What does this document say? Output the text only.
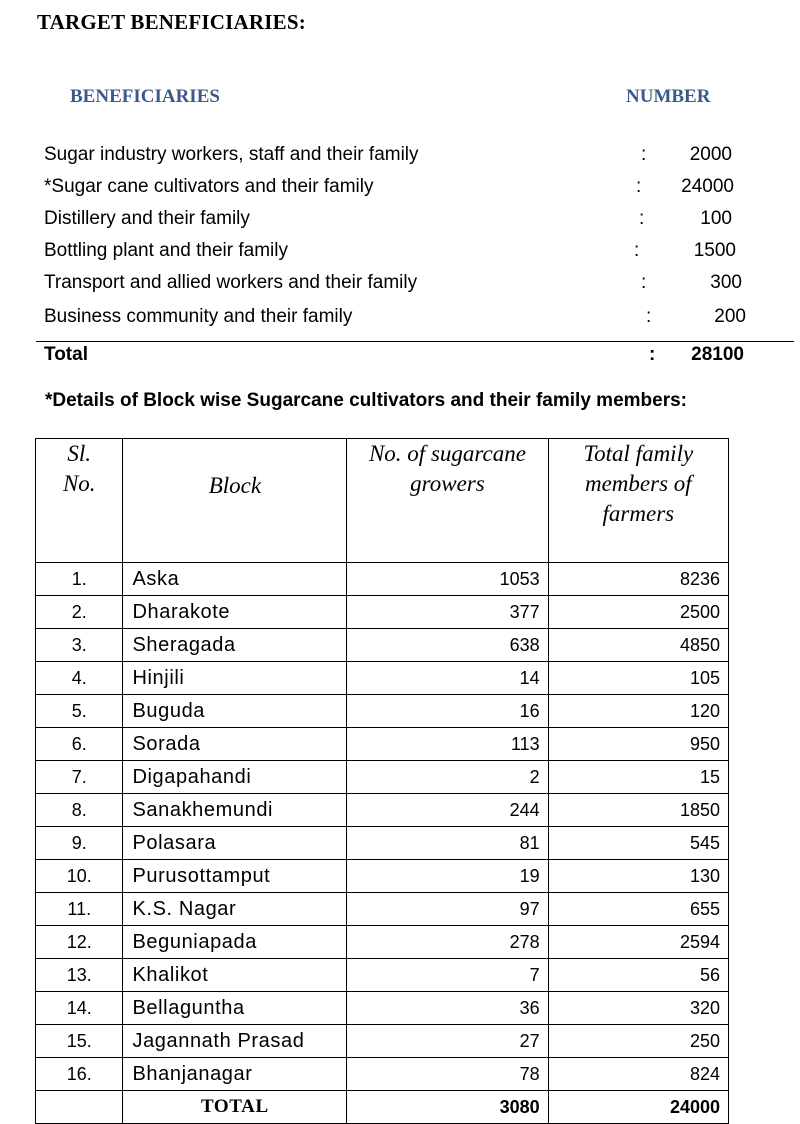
TARGET BENEFICIARIES:
BENEFICIARIES	NUMBER
Sugar industry workers, staff and their family	:	2000
*Sugar cane cultivators and their family	:	24000
Distillery and their family	:	100
Bottling plant and their family	:	1500
Transport and allied workers and their family	:	300
Business community and their family	:	200
Total	:	28100
*Details of Block wise Sugarcane cultivators and their family members:
Sl. No.	Block	No. of sugarcane growers	Total family members of farmers
1.	Aska	1053	8236
2.	Dharakote	377	2500
3.	Sheragada	638	4850
4.	Hinjili	14	105
5.	Buguda	16	120
6.	Sorada	113	950
7.	Digapahandi	2	15
8.	Sanakhemundi	244	1850
9.	Polasara	81	545
10.	Purusottamput	19	130
11.	K.S. Nagar	97	655
12.	Beguniapada	278	2594
13.	Khalikot	7	56
14.	Bellaguntha	36	320
15.	Jagannath Prasad	27	250
16.	Bhanjanagar	78	824
	TOTAL	3080	24000
